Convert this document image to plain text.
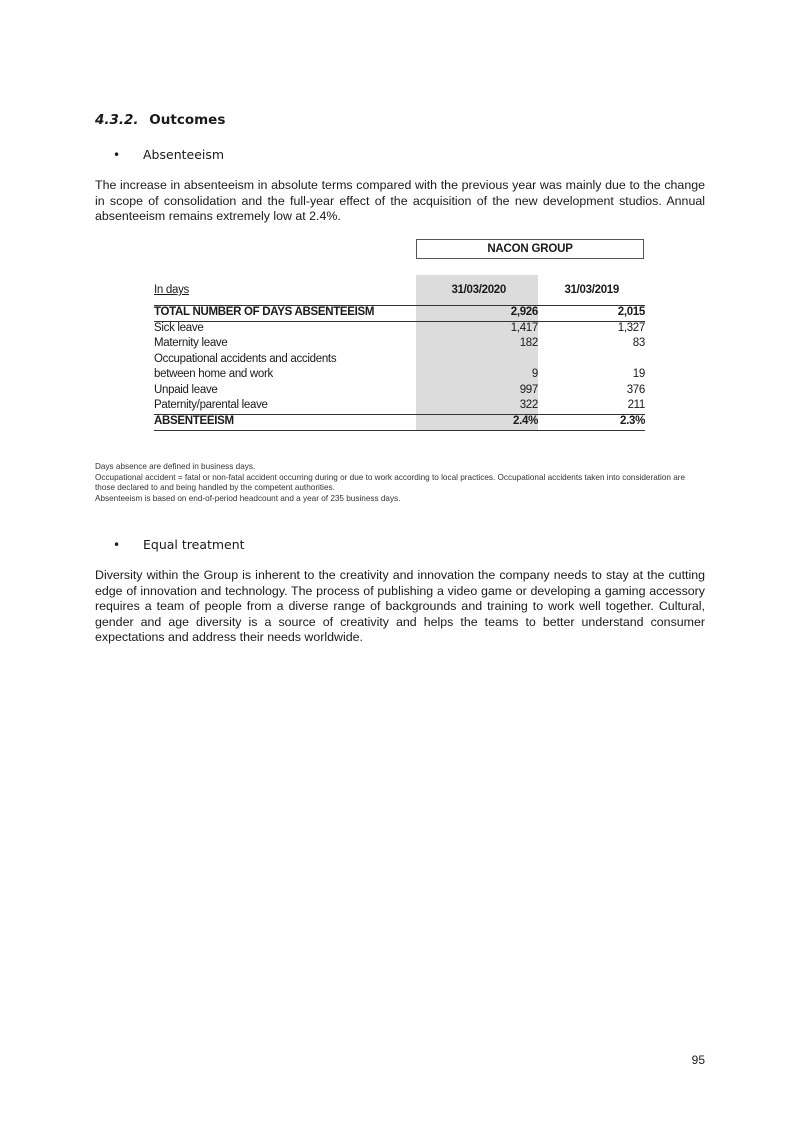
4.3.2. Outcomes
•	Absenteeism

The increase in absenteeism in absolute terms compared with the previous year was mainly due to the change in scope of consolidation and the full-year effect of the acquisition of the new development studios. Annual absenteeism remains extremely low at 2.4%.

NACON GROUP
In days	31/03/2020	31/03/2019
TOTAL NUMBER OF DAYS ABSENTEEISM	2,926	2,015
Sick leave	1,417	1,327
Maternity leave	182	83
Occupational accidents and accidents
between home and work	9	19
Unpaid leave	997	376
Paternity/parental leave	322	211
ABSENTEEISM	2.4%	2.3%
Days absence are defined in business days.
Occupational accident = fatal or non-fatal accident occurring during or due to work according to local practices. Occupational accidents taken into consideration are those declared to and being handled by the competent authorities.
Absenteeism is based on end-of-period headcount and a year of 235 business days.
•	Equal treatment

Diversity within the Group is inherent to the creativity and innovation the company needs to stay at the cutting edge of innovation and technology. The process of publishing a video game or developing a gaming accessory requires a team of people from a diverse range of backgrounds and training to work well together. Cultural, gender and age diversity is a source of creativity and helps the teams to better understand consumer expectations and address their needs worldwide.

95
